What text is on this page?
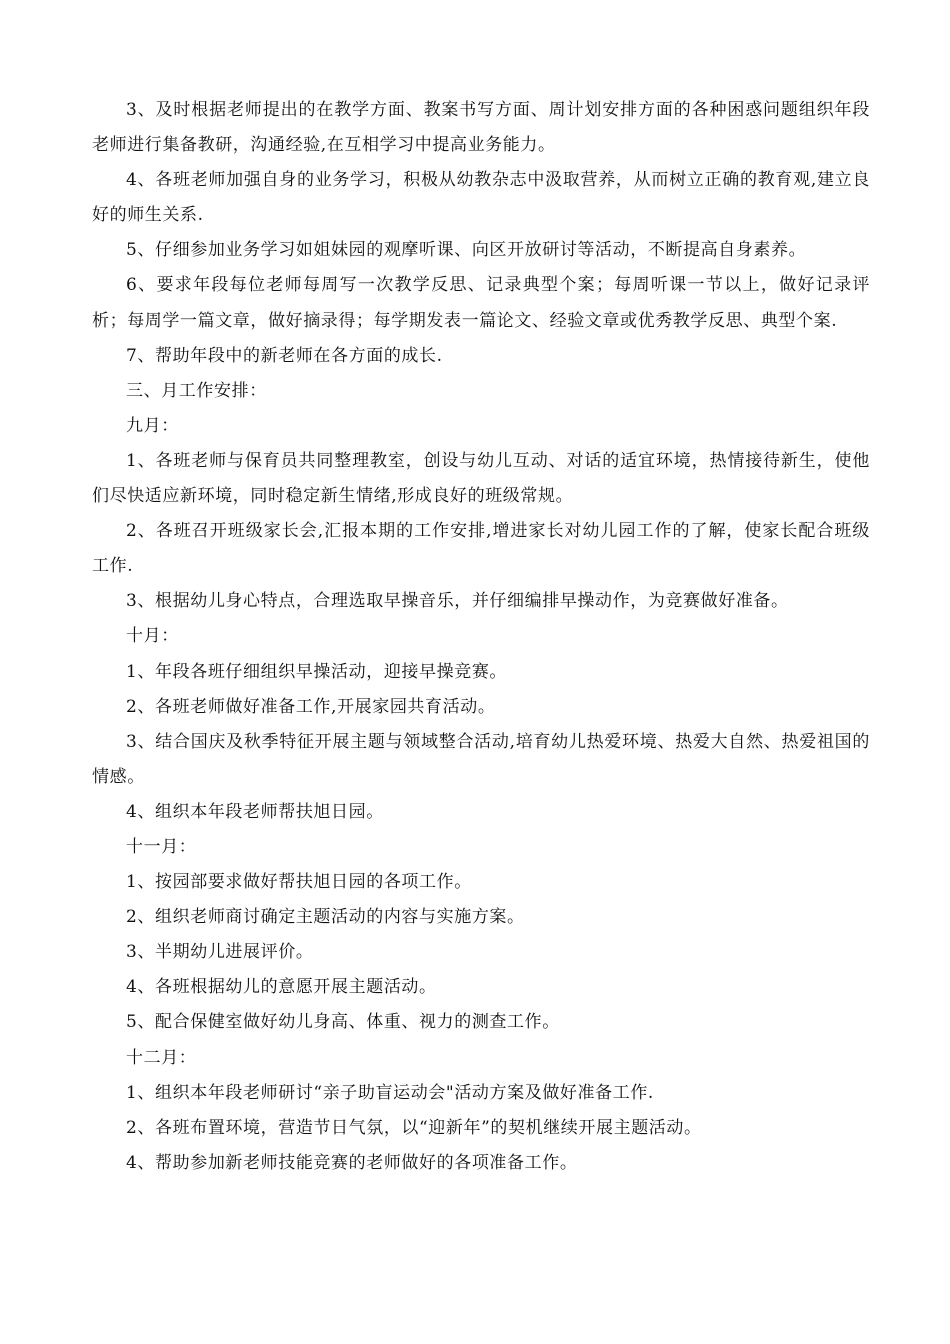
3、及时根据老师提出的在教学方面、教案书写方面、周计划安排方面的各种困惑问题组织年段老师进行集备教研，沟通经验,在互相学习中提高业务能力。

4、各班老师加强自身的业务学习，积极从幼教杂志中汲取营养，从而树立正确的教育观,建立良好的师生关系.

5、仔细参加业务学习如姐妹园的观摩听课、向区开放研讨等活动，不断提高自身素养。

6、要求年段每位老师每周写一次教学反思、记录典型个案；每周听课一节以上，做好记录评析；每周学一篇文章，做好摘录得；每学期发表一篇论文、经验文章或优秀教学反思、典型个案.

7、帮助年段中的新老师在各方面的成长.

三、月工作安排：

九月：

1、各班老师与保育员共同整理教室，创设与幼儿互动、对话的适宜环境，热情接待新生，使他们尽快适应新环境，同时稳定新生情绪,形成良好的班级常规。

2、各班召开班级家长会,汇报本期的工作安排,增进家长对幼儿园工作的了解，使家长配合班级工作.

3、根据幼儿身心特点，合理选取早操音乐，并仔细编排早操动作，为竞赛做好准备。

十月：

1、年段各班仔细组织早操活动，迎接早操竞赛。

2、各班老师做好准备工作,开展家园共育活动。

3、结合国庆及秋季特征开展主题与领域整合活动,培育幼儿热爱环境、热爱大自然、热爱祖国的情感。

4、组织本年段老师帮扶旭日园。

十一月：

1、按园部要求做好帮扶旭日园的各项工作。

2、组织老师商讨确定主题活动的内容与实施方案。

3、半期幼儿进展评价。

4、各班根据幼儿的意愿开展主题活动。

5、配合保健室做好幼儿身高、体重、视力的测查工作。

十二月：

1、组织本年段老师研讨“亲子助盲运动会"活动方案及做好准备工作.

2、各班布置环境，营造节日气氛，以“迎新年”的契机继续开展主题活动。

4、帮助参加新老师技能竞赛的老师做好的各项准备工作。
